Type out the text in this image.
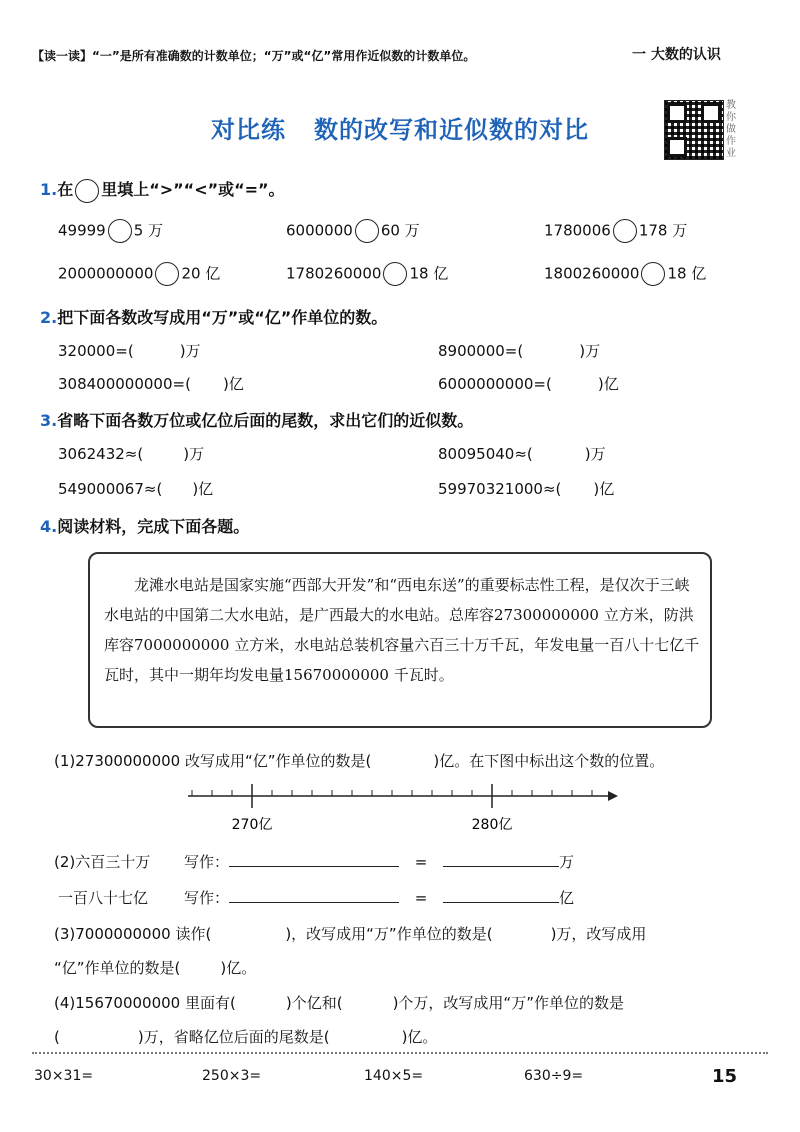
【读一读】“一”是所有准确数的计数单位；“万”或“亿”常用作近似数的计数单位。	一 大数的认识
对比练 数的改写和近似数的对比
教你做作业
1.在 里填上“>”“<”或“=”。
49999 5 万	6000000 60 万	1780006 178 万
2000000000 20 亿	1780260000 18 亿	1800260000 18 亿
2.把下面各数改写成用“万”或“亿”作单位的数。
320000=(	)万	8900000=(	)万
308400000000=( )亿	6000000000=(	)亿
3.省略下面各数万位或亿位后面的尾数，求出它们的近似数。
3062432≈(	)万	80095040≈(	)万
549000067≈( )亿	59970321000≈( )亿
4.阅读材料，完成下面各题。
龙滩水电站是国家实施“西部大开发”和“西电东送”的重要标志性工程，是仅次于三峡水电站的中国第二大水电站，是广西最大的水电站。总库容27300000000 立方米，防洪库容7000000000 立方米，水电站总装机容量六百三十万千瓦，年发电量一百八十七亿千瓦时，其中一期年均发电量15670000000 千瓦时。
(1)27300000000 改写成用“亿”作单位的数是(	)亿。在下图中标出这个数的位置。
270亿	280亿
(2)六百三十万 写作：	=	万
一百八十七亿 写作：	=	亿
(3)7000000000 读作(	)，改写成用“万”作单位的数是(	)万，改写成用
“亿”作单位的数是(	)亿。
(4)15670000000 里面有(	)个亿和(	)个万，改写成用“万”作单位的数是
(	)万，省略亿位后面的尾数是(	)亿。
30×31=	250×3=	140×5=	630÷9=	15
